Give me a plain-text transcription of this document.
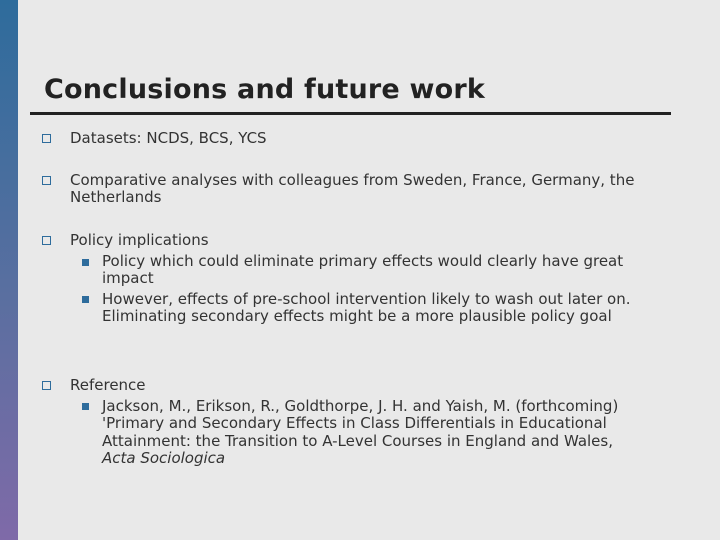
Conclusions and future work
Datasets: NCDS, BCS, YCS
Comparative analyses with colleagues from Sweden, France, Germany, the
Netherlands
Policy implications
Policy which could eliminate primary effects would clearly have great
impact
However, effects of pre-school intervention likely to wash out later on.
Eliminating secondary effects might be a more plausible policy goal
Reference
Jackson, M., Erikson, R., Goldthorpe, J. H. and Yaish, M. (forthcoming)
'Primary and Secondary Effects in Class Differentials in Educational
Attainment: the Transition to A-Level Courses in England and Wales,
Acta Sociologica
